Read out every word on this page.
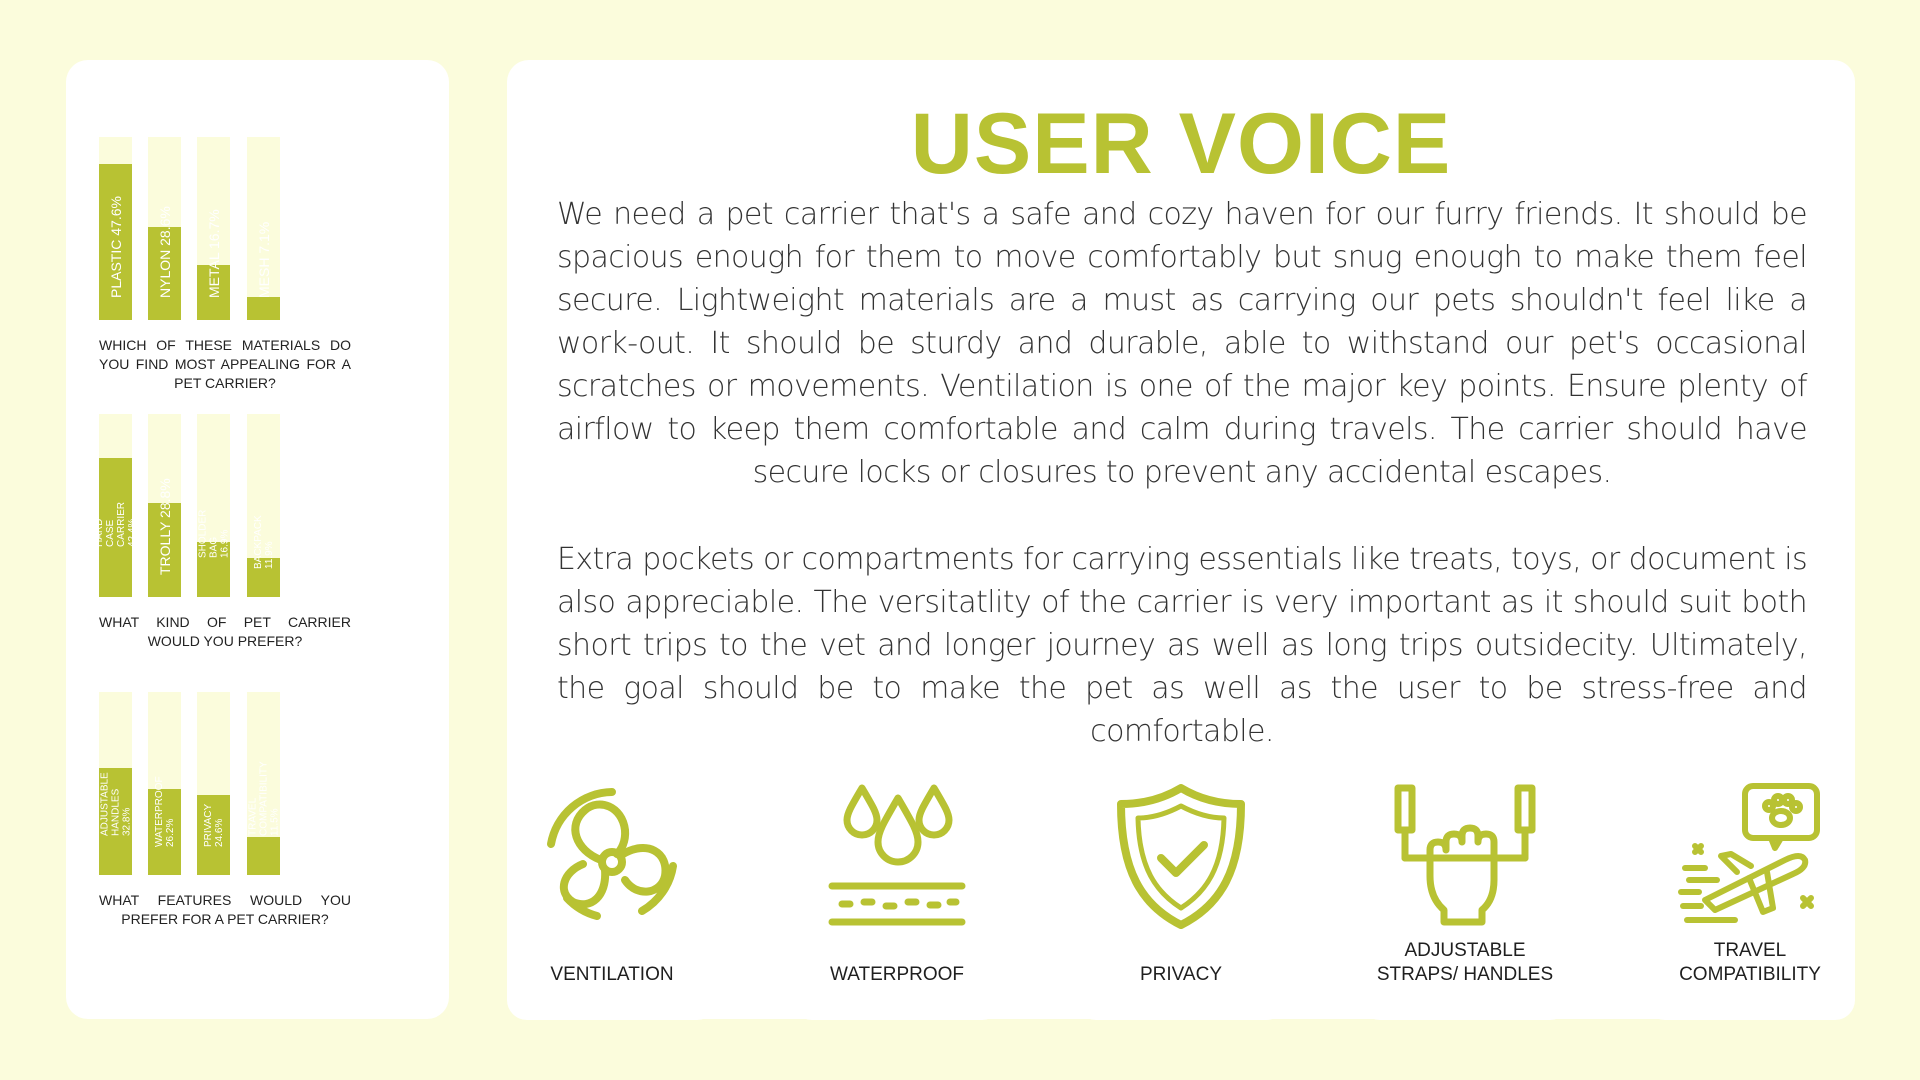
PLASTIC 47.6% NYLON 28.6% METAL 16.7% MESH 7.1%
WHICH OF THESE MATERIALS DO YOU FIND MOST APPEALING FOR A PET CARRIER?
HARD CASE
CARRIER 42.4% TROLLY 28.8% SHOLDER BAG 16.9% BACKPACK 11.9%
WHAT KIND OF PET CARRIER WOULD YOU PREFER?
ADJUSTABLE
HANDLES 32.8% WATERPROOF 26.2%	PRIVACY 24.6% TRAVEL
COMPATIBILITY 11.5%
WHAT FEATURES WOULD YOU PREFER FOR A PET CARRIER?
USER VOICE

We need a pet carrier that's a safe and cozy haven for our furry friends. It should be spacious enough for them to move comfortably but snug enough to make them feel secure. Lightweight materials are a must as carrying our pets shouldn't feel like a work-out. It should be sturdy and durable, able to withstand our pet's occasional scratches or movements. Ventilation is one of the major key points. Ensure plenty of airflow to keep them comfortable and calm during travels. The carrier should have secure locks or closures to prevent any accidental escapes.

Extra pockets or compartments for carrying essentials like treats, toys, or document is also appreciable. The versitatlity of the carrier is very important as it should suit both short trips to the vet and longer journey as well as long trips outsidecity. Ultimately, the goal should be to make the pet as well as the user to be stress-free and comfortable.

VENTILATION	WATERPROOF	PRIVACY
ADJUSTABLE
STRAPS/ HANDLES
TRAVEL
COMPATIBILITY
